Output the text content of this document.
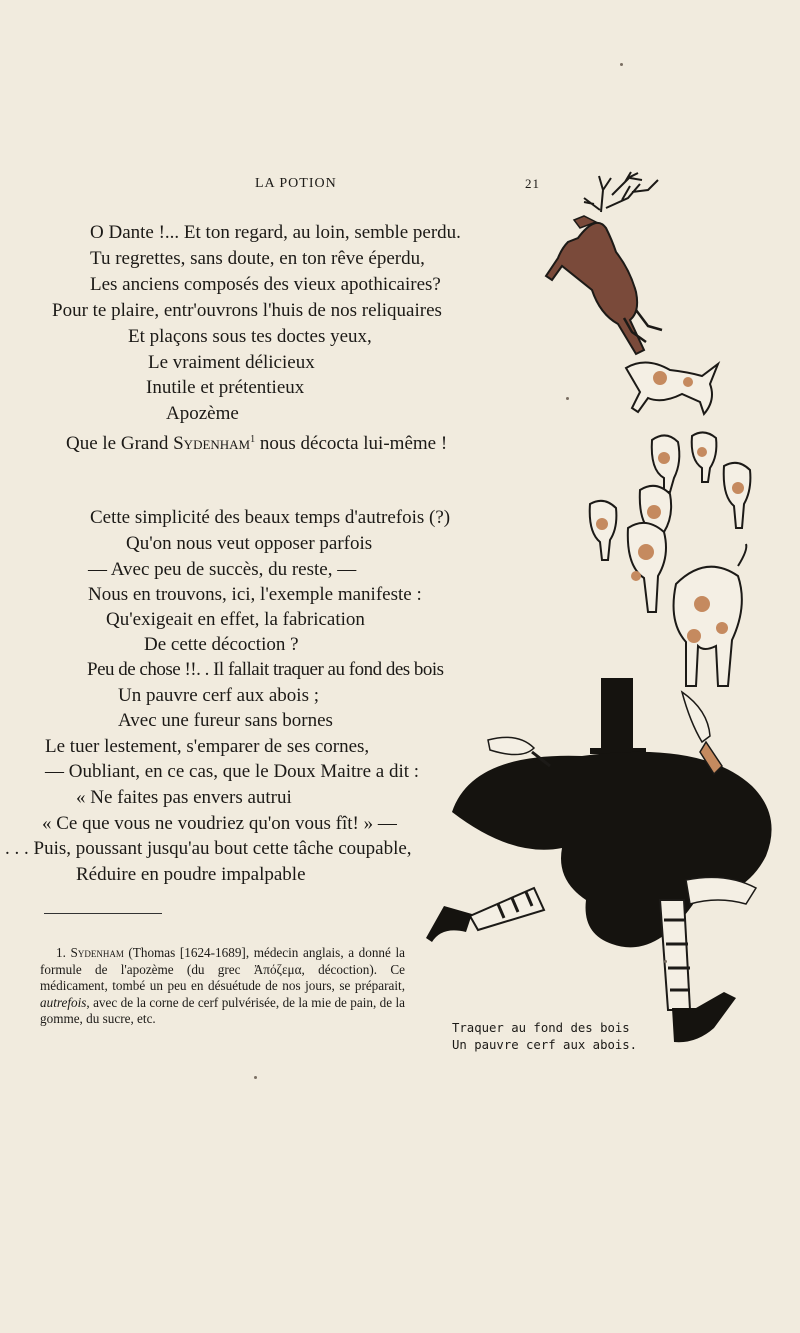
LA POTION	21
O Dante !... Et ton regard, au loin, semble perdu.
Tu regrettes, sans doute, en ton rêve éperdu,
Les anciens composés des vieux apothicaires?
Pour te plaire, entr'ouvrons l'huis de nos reliquaires
Et plaçons sous tes doctes yeux,
Le vraiment délicieux
Inutile et prétentieux
Apozème
Que le Grand Sydenham$^1$ nous décocta lui-même !
Cette simplicité des beaux temps d'autrefois (?)
Qu'on nous veut opposer parfois
— Avec peu de succès, du reste, —
Nous en trouvons, ici, l'exemple manifeste :
Qu'exigeait en effet, la fabrication
De cette décoction ?
Peu de chose !!. . Il fallait traquer au fond des bois
Un pauvre cerf aux abois ;
Avec une fureur sans bornes
Le tuer lestement, s'emparer de ses cornes,
— Oubliant, en ce cas, que le Doux Maitre a dit :
« Ne faites pas envers autrui
« Ce que vous ne voudriez qu'on vous fît! » —
. . . Puis, poussant jusqu'au bout cette tâche coupable,
Réduire en poudre impalpable

1. Sydenham (Thomas [1624-1689], médecin anglais, a donné la formule de l'apozème (du grec Ἀπόζεμα, décoction). Ce médicament, tombé un peu en désuétude de nos jours, se préparait, autrefois, avec de la corne de cerf pulvérisée, de la mie de pain, de la gomme, du sucre, etc.

Traquer au fond des bois
Un pauvre cerf aux abois.
